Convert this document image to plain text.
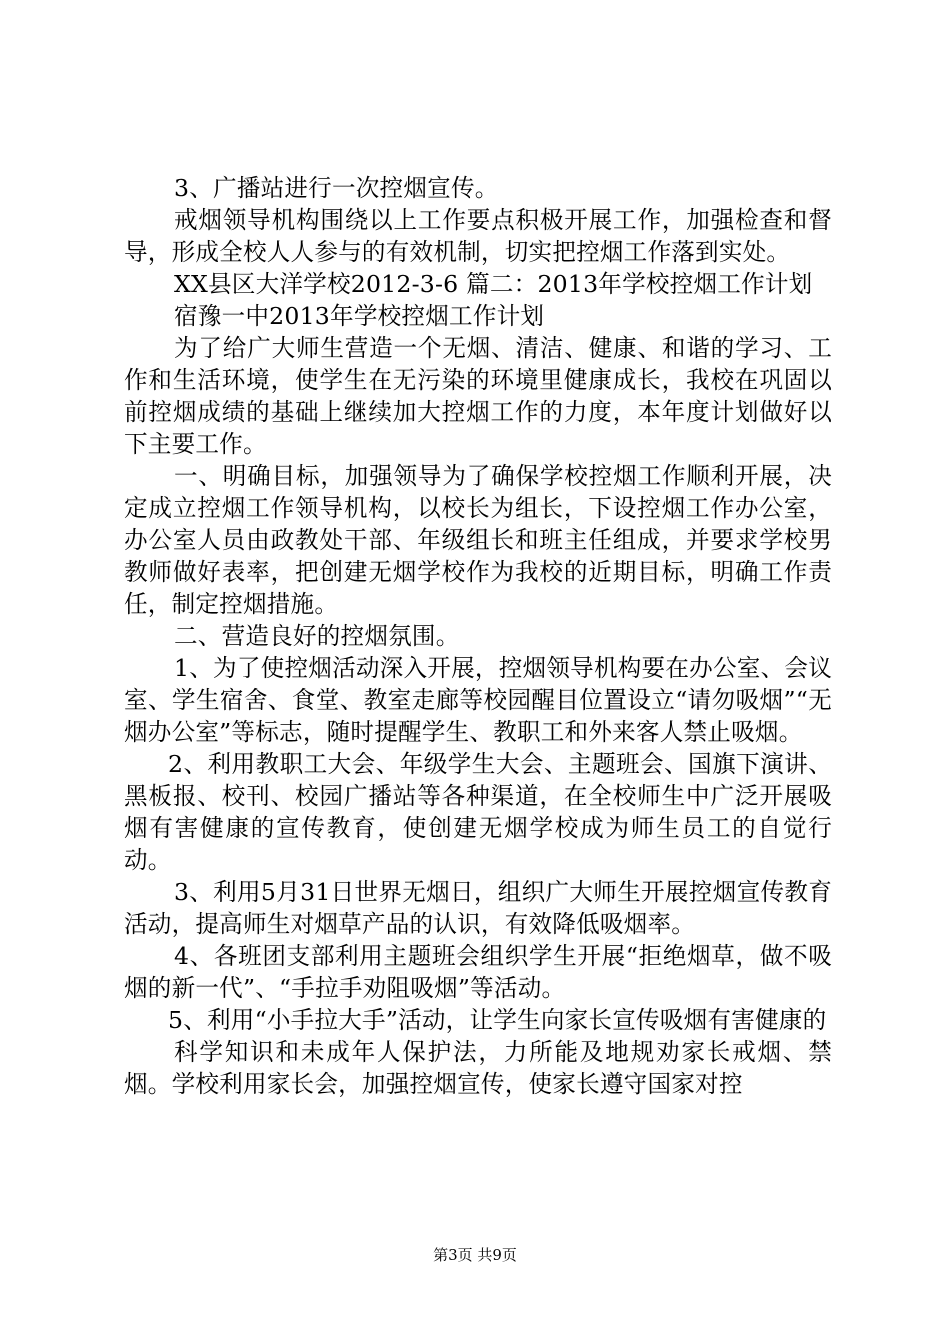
3、广播站进行一次控烟宣传。

戒烟领导机构围绕以上工作要点积极开展工作，加强检查和督导，形成全校人人参与的有效机制，切实把控烟工作落到实处。

XX县区大洋学校2012-3-6 篇二：2013年学校控烟工作计划

宿豫一中2013年学校控烟工作计划

为了给广大师生营造一个无烟、清洁、健康、和谐的学习、工作和生活环境，使学生在无污染的环境里健康成长，我校在巩固以前控烟成绩的基础上继续加大控烟工作的力度，本年度计划做好以下主要工作。

一、明确目标，加强领导为了确保学校控烟工作顺利开展，决定成立控烟工作领导机构，以校长为组长，下设控烟工作办公室，办公室人员由政教处干部、年级组长和班主任组成，并要求学校男教师做好表率，把创建无烟学校作为我校的近期目标，明确工作责任，制定控烟措施。

二、营造良好的控烟氛围。

1、为了使控烟活动深入开展，控烟领导机构要在办公室、会议室、学生宿舍、食堂、教室走廊等校园醒目位置设立“请勿吸烟”“无烟办公室”等标志，随时提醒学生、教职工和外来客人禁止吸烟。

2、利用教职工大会、年级学生大会、主题班会、国旗下演讲、黑板报、校刊、校园广播站等各种渠道，在全校师生中广泛开展吸烟有害健康的宣传教育，使创建无烟学校成为师生员工的自觉行动。

3、利用5月31日世界无烟日，组织广大师生开展控烟宣传教育活动，提高师生对烟草产品的认识，有效降低吸烟率。

4、各班团支部利用主题班会组织学生开展“拒绝烟草，做不吸烟的新一代”、“手拉手劝阻吸烟”等活动。

5、利用“小手拉大手”活动，让学生向家长宣传吸烟有害健康的

科学知识和未成年人保护法，力所能及地规劝家长戒烟、禁烟。学校利用家长会，加强控烟宣传，使家长遵守国家对控

第3页 共9页
